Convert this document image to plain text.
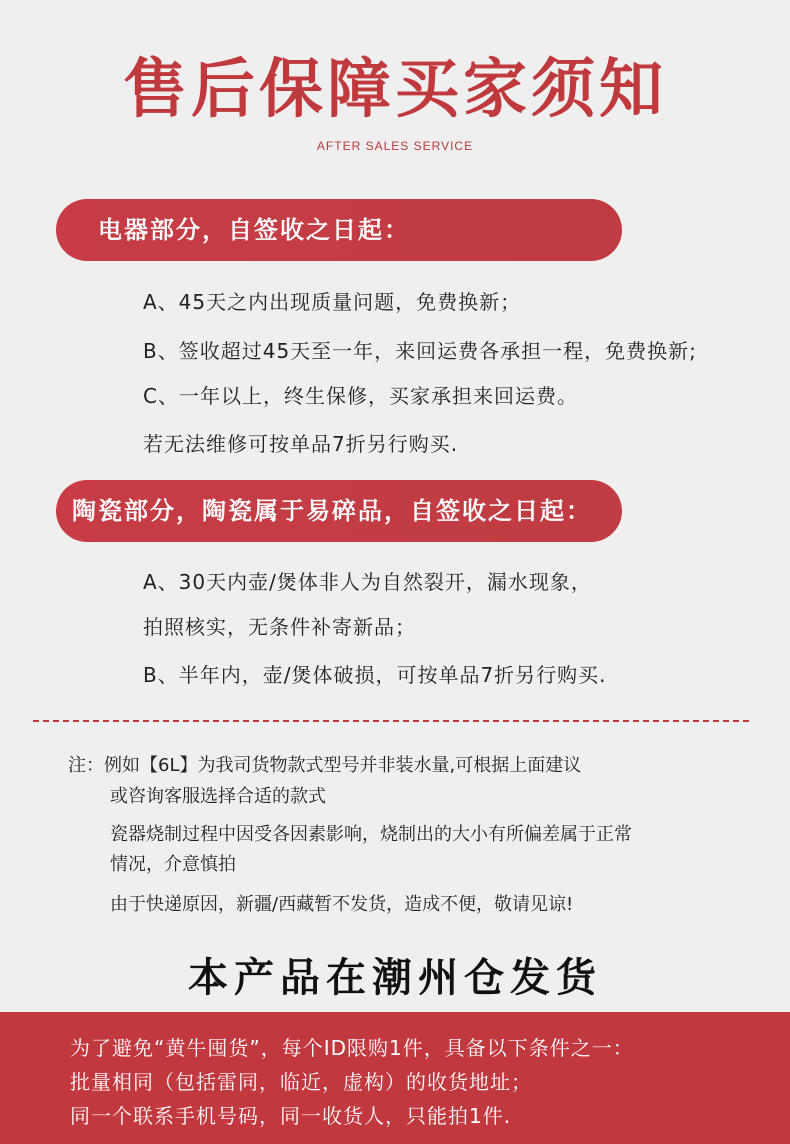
售后保障买家须知
AFTER SALES SERVICE
电器部分，自签收之日起：
A、45天之内出现质量问题，免费换新；
B、签收超过45天至一年，来回运费各承担一程，免费换新;
C、一年以上，终生保修，买家承担来回运费。
若无法维修可按单品7折另行购买.
陶瓷部分，陶瓷属于易碎品，自签收之日起：
A、30天内壶/煲体非人为自然裂开，漏水现象，
拍照核实，无条件补寄新品；
B、半年内，壶/煲体破损，可按单品7折另行购买.
注：例如【6L】为我司货物款式型号并非装水量,可根据上面建议
或咨询客服选择合适的款式
瓷器烧制过程中因受各因素影响，烧制出的大小有所偏差属于正常
情况，介意慎拍
由于快递原因，新疆/西藏暂不发货，造成不便，敬请见谅!
本产品在潮州仓发货
为了避免“黄牛囤货”，每个ID限购1件，具备以下条件之一：
批量相同（包括雷同，临近，虚构）的收货地址；
同一个联系手机号码，同一收货人，只能拍1件.
